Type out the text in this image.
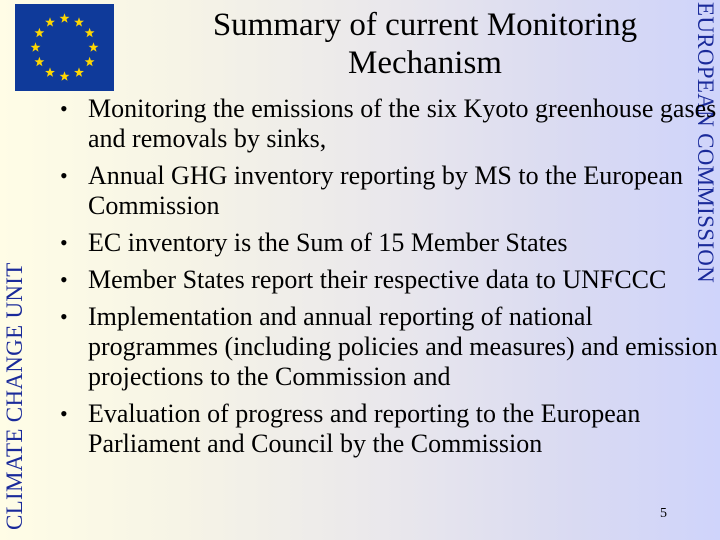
Summary of current Monitoring Mechanism
CLIMATE CHANGE UNIT
EUROPEAN COMMISSION
• Monitoring the emissions of the six Kyoto greenhouse gases and removals by sinks,
• Annual GHG inventory reporting by MS to the European Commission
• EC inventory is the Sum of 15 Member States
• Member States report their respective data to UNFCCC
• Implementation and annual reporting of national programmes (including policies and measures) and emission projections to the Commission and
• Evaluation of progress and reporting to the European Parliament and Council by the Commission
5
